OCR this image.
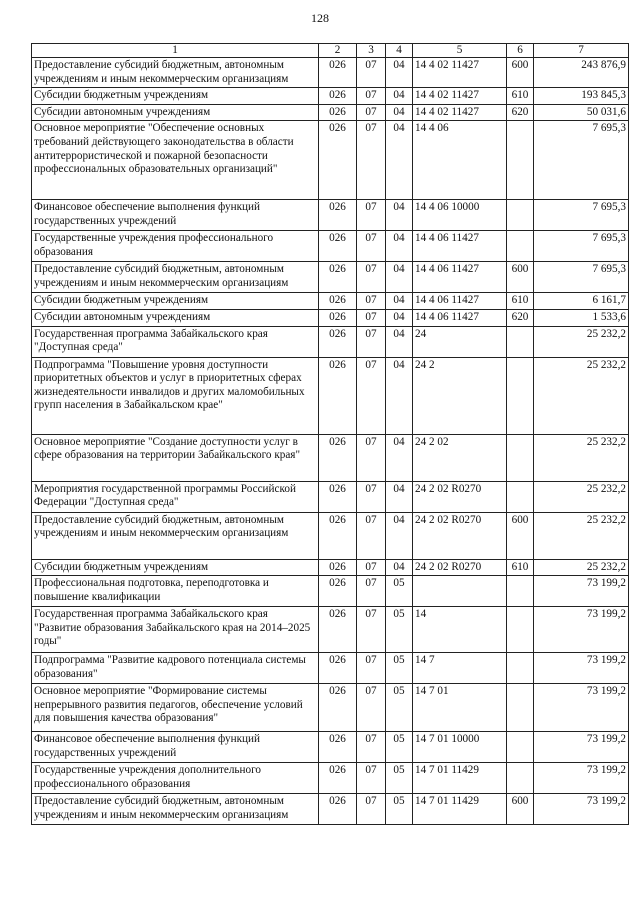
128
1	2	3	4	5	6	7
Предоставление субсидий бюджетным, автономным учреждениям и иным некоммерческим организациям	026	07	04	14 4 02 11427	600	243 876,9
Субсидии бюджетным учреждениям	026	07	04	14 4 02 11427	610	193 845,3
Субсидии автономным учреждениям	026	07	04	14 4 02 11427	620	50 031,6
Основное мероприятие "Обеспечение основных требований действующего законодательства в области антитеррористической и пожарной безопасности профессиональных образовательных организаций"	026	07	04	14 4 06		7 695,3
Финансовое обеспечение выполнения функций государственных учреждений	026	07	04	14 4 06 10000		7 695,3
Государственные учреждения профессионального образования	026	07	04	14 4 06 11427		7 695,3
Предоставление субсидий бюджетным, автономным учреждениям и иным некоммерческим организациям	026	07	04	14 4 06 11427	600	7 695,3
Субсидии бюджетным учреждениям	026	07	04	14 4 06 11427	610	6 161,7
Субсидии автономным учреждениям	026	07	04	14 4 06 11427	620	1 533,6
Государственная программа Забайкальского края "Доступная среда"	026	07	04	24		25 232,2
Подпрограмма "Повышение уровня доступности приоритетных объектов и услуг в приоритетных сферах жизнедеятельности инвалидов и других маломобильных групп населения в Забайкальском крае"	026	07	04	24 2		25 232,2
Основное мероприятие "Создание доступности услуг в сфере образования на территории Забайкальского края"	026	07	04	24 2 02		25 232,2
Мероприятия государственной программы Российской Федерации "Доступная среда"	026	07	04	24 2 02 R0270		25 232,2
Предоставление субсидий бюджетным, автономным учреждениям и иным некоммерческим организациям	026	07	04	24 2 02 R0270	600	25 232,2
Субсидии бюджетным учреждениям	026	07	04	24 2 02 R0270	610	25 232,2
Профессиональная подготовка, переподготовка и повышение квалификации	026	07	05			73 199,2
Государственная программа Забайкальского края "Развитие образования Забайкальского края на 2014–2025 годы"	026	07	05	14		73 199,2
Подпрограмма "Развитие кадрового потенциала системы образования"	026	07	05	14 7		73 199,2
Основное мероприятие "Формирование системы непрерывного развития педагогов, обеспечение условий для повышения качества образования"	026	07	05	14 7 01		73 199,2
Финансовое обеспечение выполнения функций государственных учреждений	026	07	05	14 7 01 10000		73 199,2
Государственные учреждения дополнительного профессионального образования	026	07	05	14 7 01 11429		73 199,2
Предоставление субсидий бюджетным, автономным учреждениям и иным некоммерческим организациям	026	07	05	14 7 01 11429	600	73 199,2
